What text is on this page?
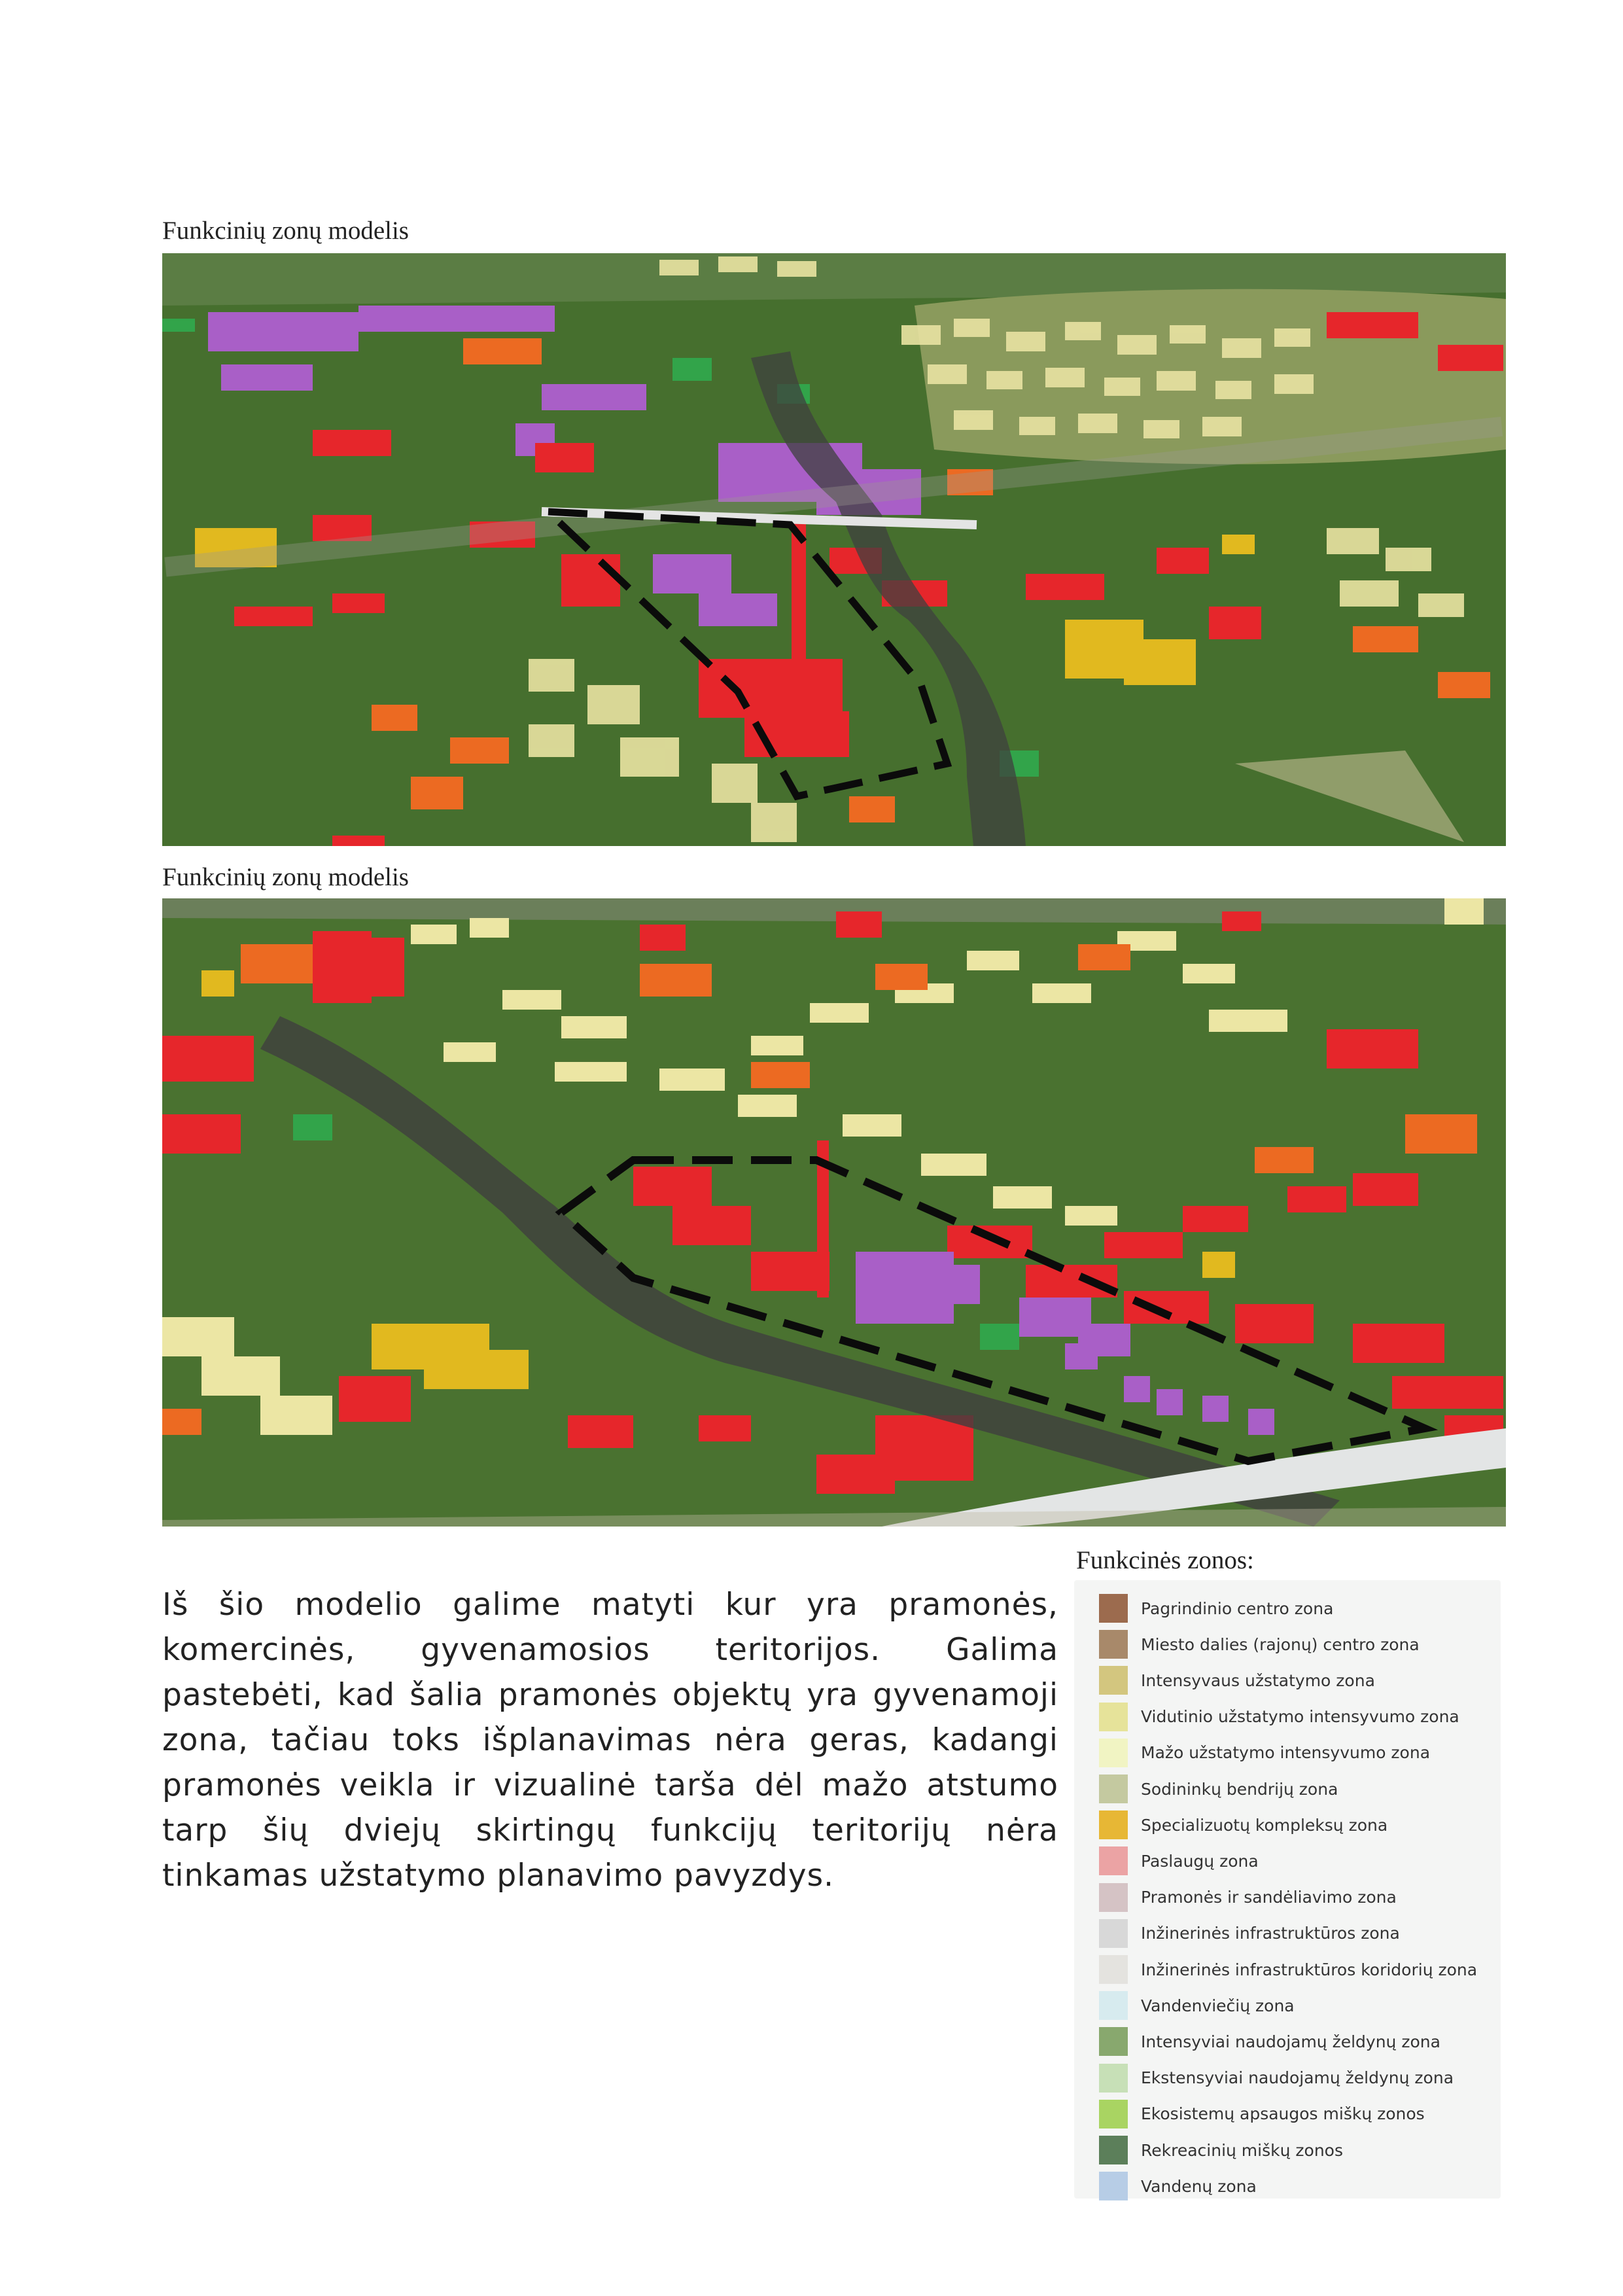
Funkcinių zonų modelis
Funkcinių zonų modelis
Iš šio modelio galime matyti kur yra pramonės, komercinės, gyvenamosios teritorijos. Galima pastebėti, kad šalia pramonės objektų yra gyvenamoji zona, tačiau toks išplanavimas nėra geras, kadangi pramonės veikla ir vizualinė tarša dėl mažo atstumo tarp šių dviejų skirtingų funkcijų teritorijų nėra tinkamas užstatymo planavimo pavyzdys.
Funkcinės zonos:
Pagrindinio centro zona
Miesto dalies (rajonų) centro zona
Intensyvaus užstatymo zona
Vidutinio užstatymo intensyvumo zona
Mažo užstatymo intensyvumo zona
Sodininkų bendrijų zona
Specializuotų kompleksų zona
Paslaugų zona
Pramonės ir sandėliavimo zona
Inžinerinės infrastruktūros zona
Inžinerinės infrastruktūros koridorių zona
Vandenviečių zona
Intensyviai naudojamų želdynų zona
Ekstensyviai naudojamų želdynų zona
Ekosistemų apsaugos miškų zonos
Rekreacinių miškų zonos
Vandenų zona
